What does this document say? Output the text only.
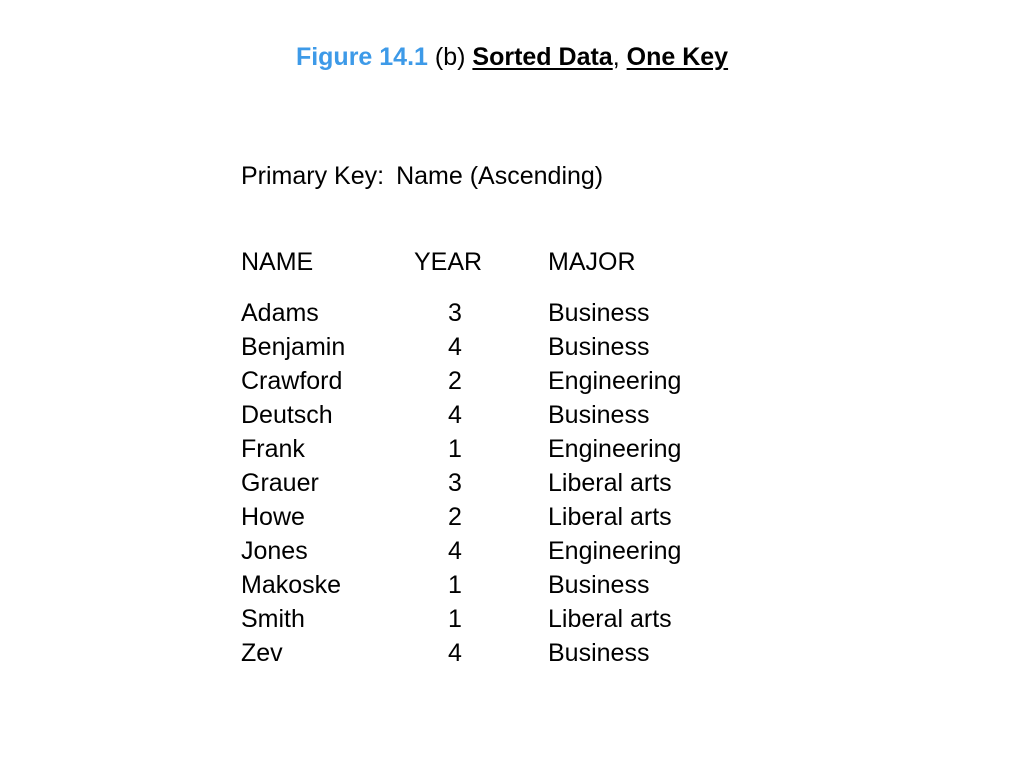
Figure 14.1 (b) Sorted Data, One Key
Primary Key: Name (Ascending)
NAME	YEAR	MAJOR
Adams	3	Business
Benjamin	4	Business
Crawford	2	Engineering
Deutsch	4	Business
Frank	1	Engineering
Grauer	3	Liberal arts
Howe	2	Liberal arts
Jones	4	Engineering
Makoske	1	Business
Smith	1	Liberal arts
Zev	4	Business
